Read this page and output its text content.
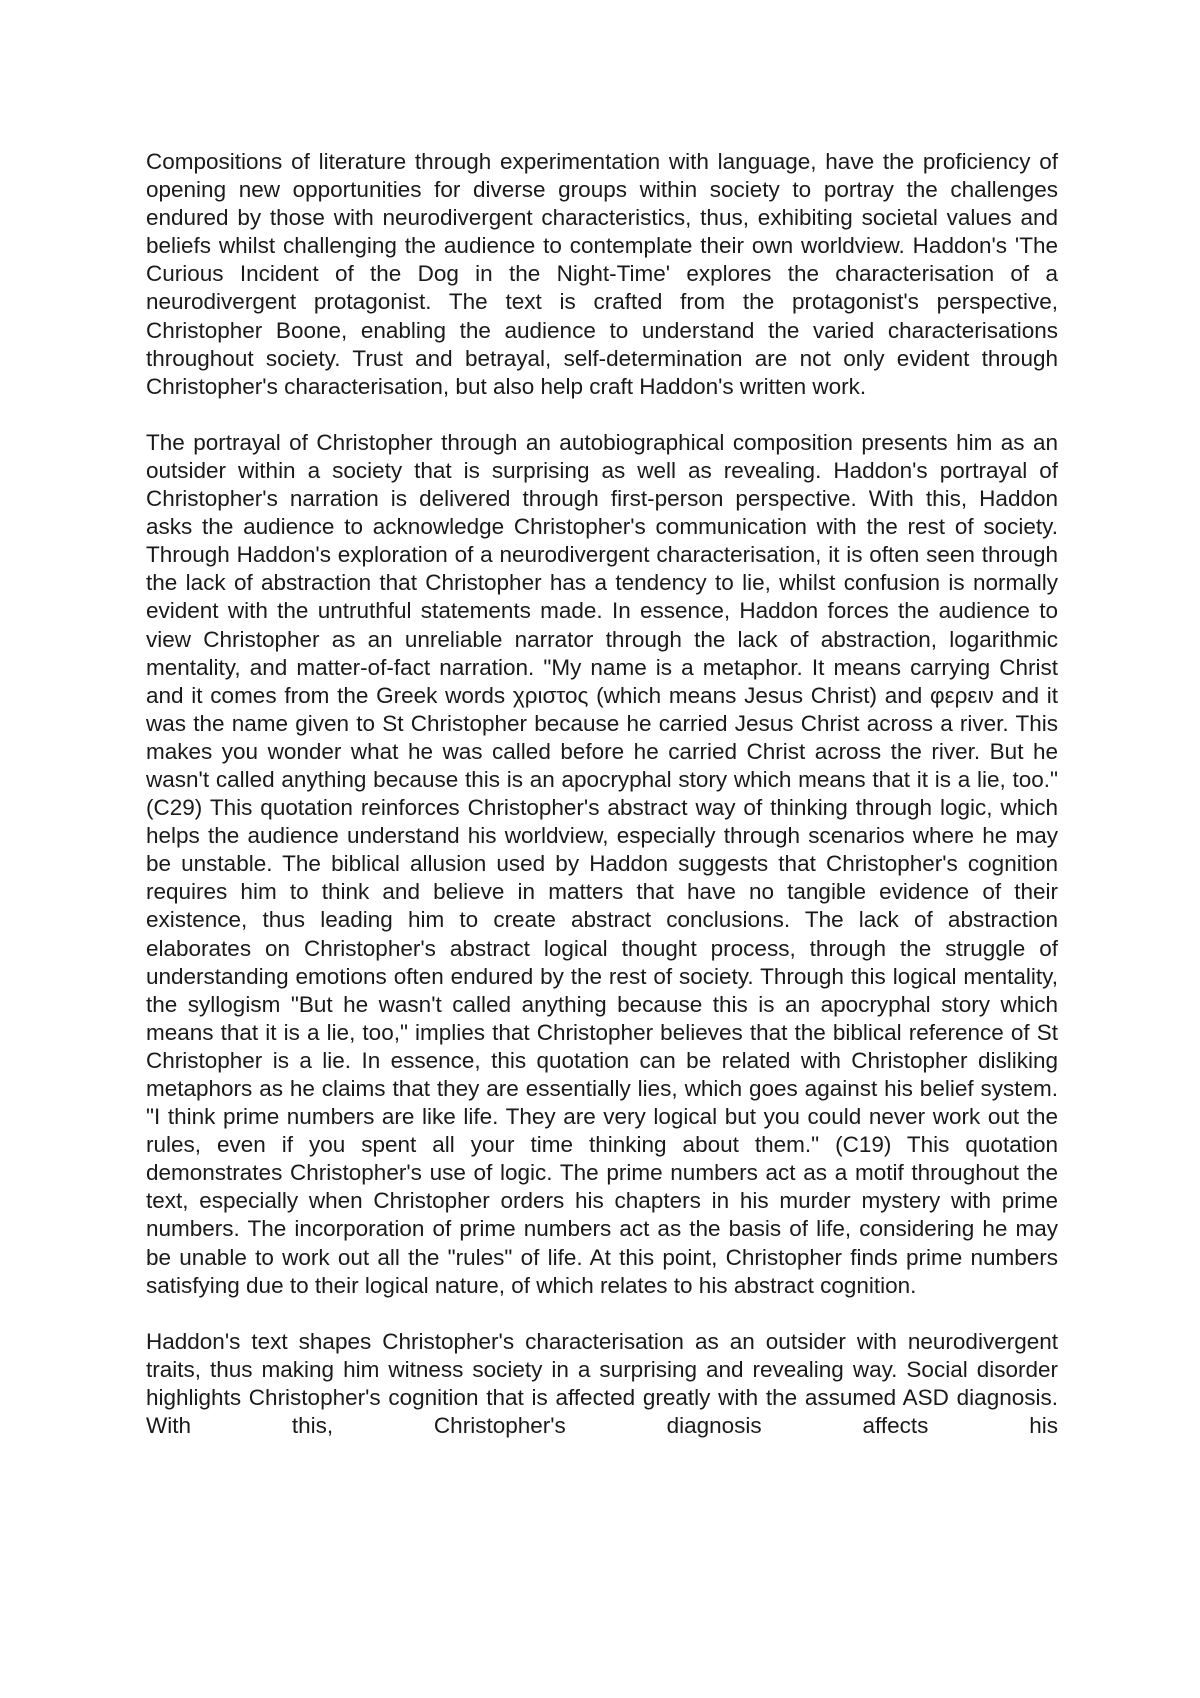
Compositions of literature through experimentation with language, have the proficiency of opening new opportunities for diverse groups within society to portray the challenges endured by those with neurodivergent characteristics, thus, exhibiting societal values and beliefs whilst challenging the audience to contemplate their own worldview. Haddon's 'The Curious Incident of the Dog in the Night-Time' explores the characterisation of a neurodivergent protagonist. The text is crafted from the protagonist's perspective, Christopher Boone, enabling the audience to understand the varied characterisations throughout society. Trust and betrayal, self-determination are not only evident through Christopher's characterisation, but also help craft Haddon's written work.

The portrayal of Christopher through an autobiographical composition presents him as an outsider within a society that is surprising as well as revealing. Haddon's portrayal of Christopher's narration is delivered through first-person perspective. With this, Haddon asks the audience to acknowledge Christopher's communication with the rest of society. Through Haddon's exploration of a neurodivergent characterisation, it is often seen through the lack of abstraction that Christopher has a tendency to lie, whilst confusion is normally evident with the untruthful statements made. In essence, Haddon forces the audience to view Christopher as an unreliable narrator through the lack of abstraction, logarithmic mentality, and matter-of-fact narration. "My name is a metaphor. It means carrying Christ and it comes from the Greek words χριστος (which means Jesus Christ) and φερειν and it was the name given to St Christopher because he carried Jesus Christ across a river. This makes you wonder what he was called before he carried Christ across the river. But he wasn't called anything because this is an apocryphal story which means that it is a lie, too." (C29) This quotation reinforces Christopher's abstract way of thinking through logic, which helps the audience understand his worldview, especially through scenarios where he may be unstable. The biblical allusion used by Haddon suggests that Christopher's cognition requires him to think and believe in matters that have no tangible evidence of their existence, thus leading him to create abstract conclusions. The lack of abstraction elaborates on Christopher's abstract logical thought process, through the struggle of understanding emotions often endured by the rest of society. Through this logical mentality, the syllogism "But he wasn't called anything because this is an apocryphal story which means that it is a lie, too," implies that Christopher believes that the biblical reference of St Christopher is a lie. In essence, this quotation can be related with Christopher disliking metaphors as he claims that they are essentially lies, which goes against his belief system. "I think prime numbers are like life. They are very logical but you could never work out the rules, even if you spent all your time thinking about them." (C19) This quotation demonstrates Christopher's use of logic. The prime numbers act as a motif throughout the text, especially when Christopher orders his chapters in his murder mystery with prime numbers. The incorporation of prime numbers act as the basis of life, considering he may be unable to work out all the "rules" of life. At this point, Christopher finds prime numbers satisfying due to their logical nature, of which relates to his abstract cognition.

Haddon's text shapes Christopher's characterisation as an outsider with neurodivergent traits, thus making him witness society in a surprising and revealing way. Social disorder highlights Christopher's cognition that is affected greatly with the assumed ASD diagnosis. With this, Christopher's diagnosis affects his
